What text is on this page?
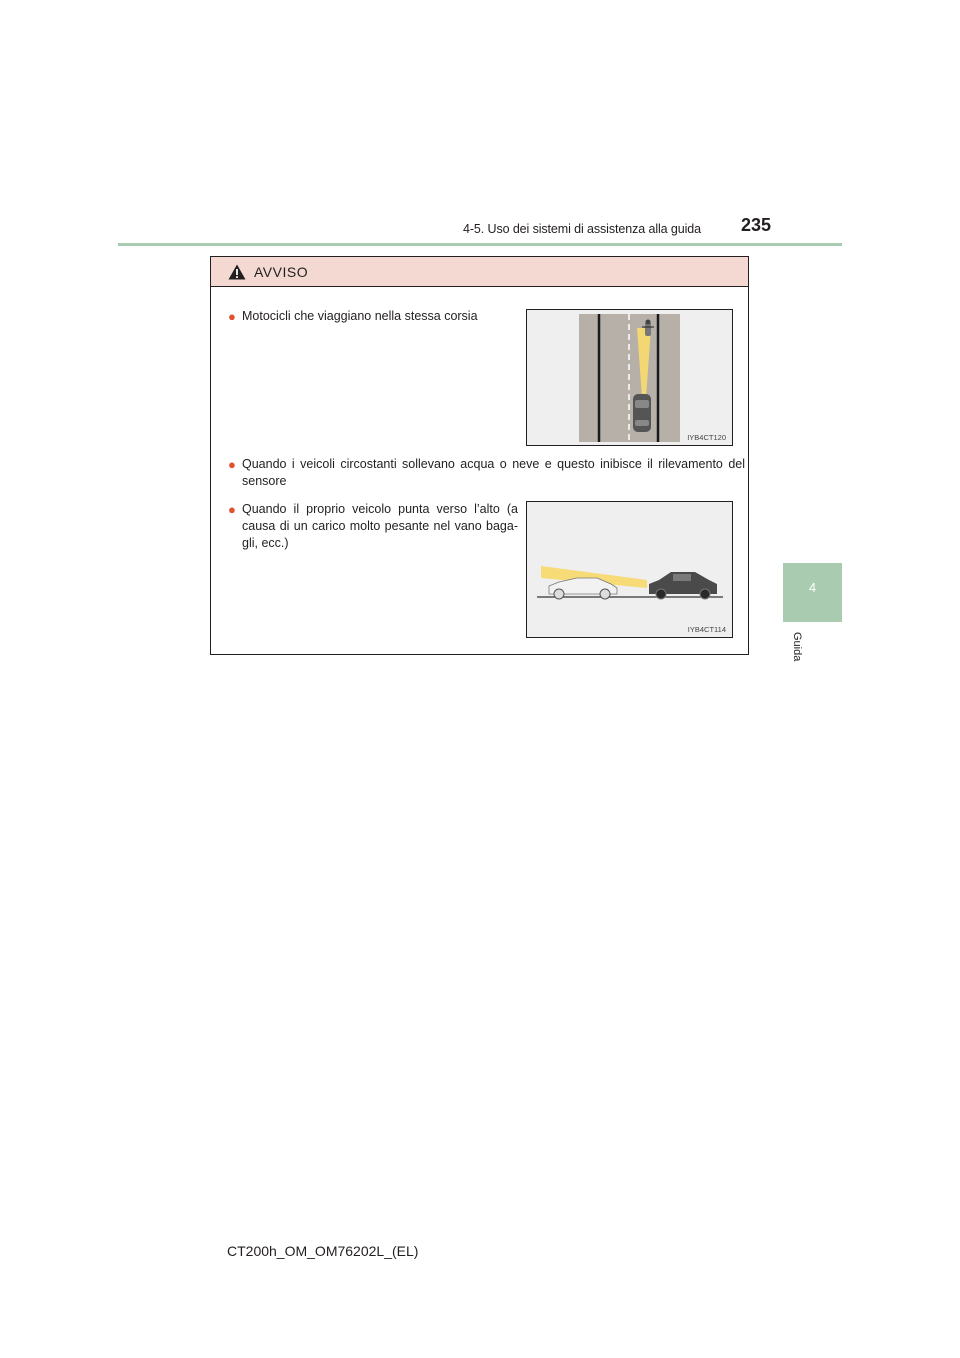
4-5. Uso dei sistemi di assistenza alla guida 235
4
Guida
AVVISO
● Motocicli che viaggiano nella stessa corsia
IYB4CT120
● Quando i veicoli circostanti sollevano acqua o neve e questo inibisce il rilevamento del sensore
● Quando il proprio veicolo punta verso l’alto (a causa di un carico molto pesante nel vano baga-gli, ecc.)
IYB4CT114
CT200h_OM_OM76202L_(EL)
